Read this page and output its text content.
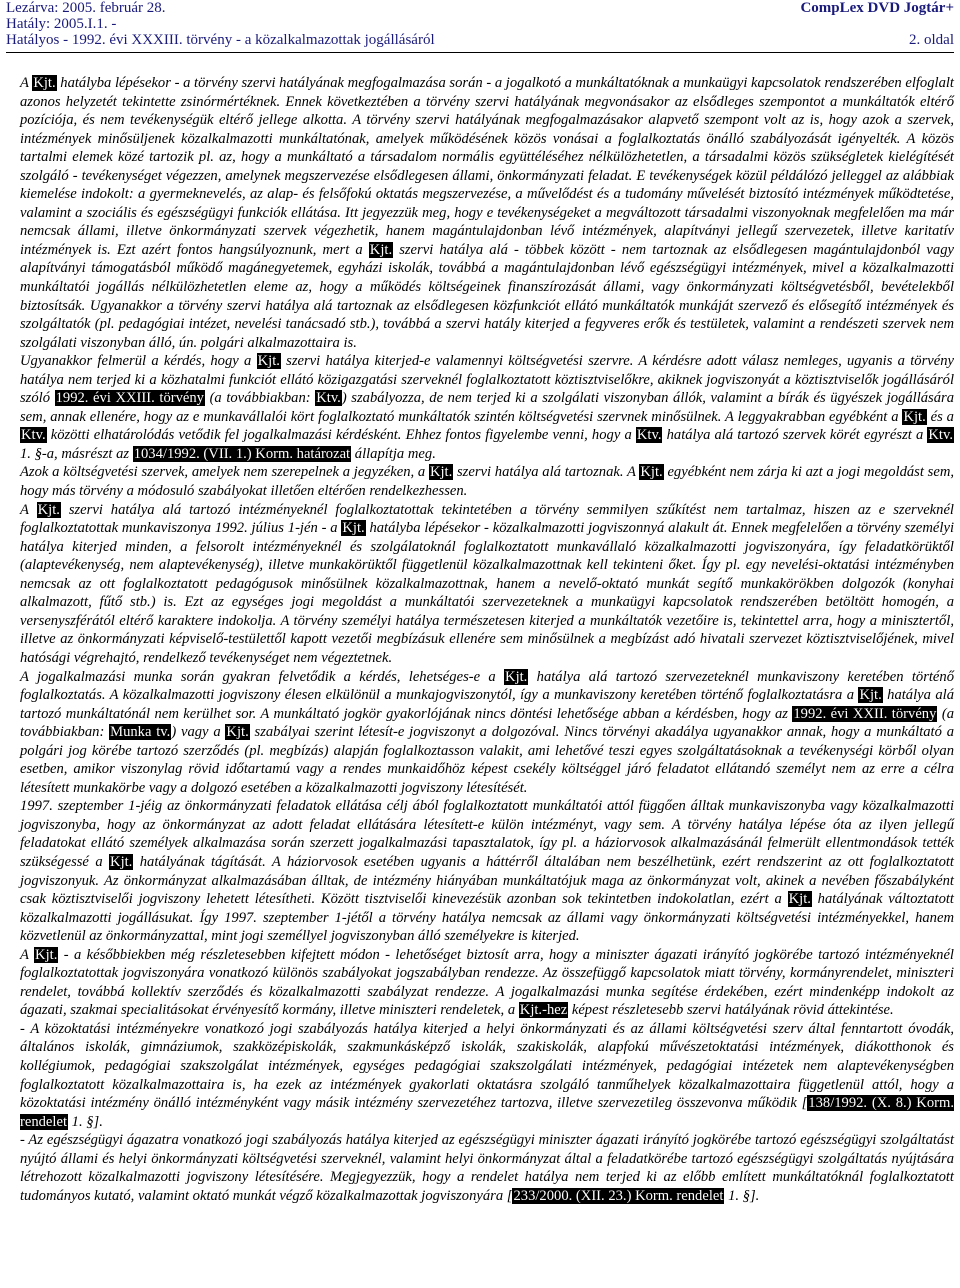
Lezárva: 2005. február 28.	CompLex DVD Jogtár+
Hatály: 2005.I.1. -
Hatályos - 1992. évi XXXIII. törvény - a közalkalmazottak jogállásáról	2. oldal

A Kjt. hatályba lépésekor - a törvény szervi hatályának megfogalmazása során - a jogalkotó a munkáltatóknak a munkaügyi kapcsolatok rendszerében elfoglalt azonos helyzetét tekintette zsinórmértéknek. Ennek következtében a törvény szervi hatályának megvonásakor az elsődleges szempontot a munkáltatók eltérő pozíciója, és nem tevékenységük eltérő jellege alkotta. A törvény szervi hatályának megfogalmazásakor alapvető szempont volt az is, hogy azok a szervek, intézmények minősüljenek közalkalmazotti munkáltatónak, amelyek működésének közös vonásai a foglalkoztatás önálló szabályozását igényelték. A közös tartalmi elemek közé tartozik pl. az, hogy a munkáltató a társadalom normális együttéléséhez nélkülözhetetlen, a társadalmi közös szükségletek kielégítését szolgáló - tevékenységet végezzen, amelynek megszervezése elsődlegesen állami, önkormányzati feladat. E tevékenységek közül példálózó jelleggel az alábbiak kiemelése indokolt: a gyermeknevelés, az alap- és felsőfokú oktatás megszervezése, a művelődést és a tudomány művelését biztosító intézmények működtetése, valamint a szociális és egészségügyi funkciók ellátása. Itt jegyezzük meg, hogy e tevékenységeket a megváltozott társadalmi viszonyoknak megfelelően ma már nemcsak állami, illetve önkormányzati szervek végezhetik, hanem magántulajdonban lévő intézmények, alapítványi jellegű szervezetek, illetve karitatív intézmények is. Ezt azért fontos hangsúlyoznunk, mert a Kjt. szervi hatálya alá - többek között - nem tartoznak az elsődlegesen magántulajdonból vagy alapítványi támogatásból működő magánegyetemek, egyházi iskolák, továbbá a magántulajdonban lévő egészségügyi intézmények, mivel a közalkalmazotti munkáltatói jogállás nélkülözhetetlen eleme az, hogy a működés költségeinek finanszírozását állami, vagy önkormányzati költségvetésből, bevételekből biztosítsák. Ugyanakkor a törvény szervi hatálya alá tartoznak az elsődlegesen közfunkciót ellátó munkáltatók munkáját szervező és elősegítő intézmények és szolgáltatók (pl. pedagógiai intézet, nevelési tanácsadó stb.), továbbá a szervi hatály kiterjed a fegyveres erők és testületek, valamint a rendészeti szervek nem szolgálati viszonyban álló, ún. polgári alkalmazottaira is.

Ugyanakkor felmerül a kérdés, hogy a Kjt. szervi hatálya kiterjed-e valamennyi költségvetési szervre. A kérdésre adott válasz nemleges, ugyanis a törvény hatálya nem terjed ki a közhatalmi funkciót ellátó közigazgatási szerveknél foglalkoztatott köztisztviselőkre, akiknek jogviszonyát a köztisztviselők jogállásáról szóló 1992. évi XXIII. törvény (a továbbiakban: Ktv.) szabályozza, de nem terjed ki a szolgálati viszonyban állók, valamint a bírák és ügyészek jogállására sem, annak ellenére, hogy az e munkavállalói kört foglalkoztató munkáltatók szintén költségvetési szervnek minősülnek. A leggyakrabban egyébként a Kjt. és a Ktv. közötti elhatárolódás vetődik fel jogalkalmazási kérdésként. Ehhez fontos figyelembe venni, hogy a Ktv. hatálya alá tartozó szervek körét egyrészt a Ktv. 1. §-a, másrészt az 1034/1992. (VII. 1.) Korm. határozat állapítja meg.

Azok a költségvetési szervek, amelyek nem szerepelnek a jegyzéken, a Kjt. szervi hatálya alá tartoznak. A Kjt. egyébként nem zárja ki azt a jogi megoldást sem, hogy más törvény a módosuló szabályokat illetően eltérően rendelkezhessen.

A Kjt. szervi hatálya alá tartozó intézményeknél foglalkoztatottak tekintetében a törvény semmilyen szűkítést nem tartalmaz, hiszen az e szerveknél foglalkoztatottak munkaviszonya 1992. július 1-jén - a Kjt. hatályba lépésekor - közalkalmazotti jogviszonnyá alakult át. Ennek megfelelően a törvény személyi hatálya kiterjed minden, a felsorolt intézményeknél és szolgálatoknál foglalkoztatott munkavállaló közalkalmazotti jogviszonyára, így feladatkörüktől (alaptevékenység, nem alaptevékenység), illetve munkakörüktől függetlenül közalkalmazottnak kell tekinteni őket. Így pl. egy nevelési-oktatási intézményben nemcsak az ott foglalkoztatott pedagógusok minősülnek közalkalmazottnak, hanem a nevelő-oktató munkát segítő munkakörökben dolgozók (konyhai alkalmazott, fűtő stb.) is. Ezt az egységes jogi megoldást a munkáltatói szervezeteknek a munkaügyi kapcsolatok rendszerében betöltött homogén, a versenyszférától eltérő karaktere indokolja. A törvény személyi hatálya természetesen kiterjed a munkáltatók vezetőire is, tekintettel arra, hogy a minisztertől, illetve az önkormányzati képviselő-testülettől kapott vezetői megbízásuk ellenére sem minősülnek a megbízást adó hivatali szervezet köztisztviselőjének, mivel hatósági végrehajtó, rendelkező tevékenységet nem végeztetnek.

A jogalkalmazási munka során gyakran felvetődik a kérdés, lehetséges-e a Kjt. hatálya alá tartozó szervezeteknél munkaviszony keretében történő foglalkoztatás. A közalkalmazotti jogviszony élesen elkülönül a munkajogviszonytól, így a munkaviszony keretében történő foglalkoztatásra a Kjt. hatálya alá tartozó munkáltatónál nem kerülhet sor. A munkáltató jogkör gyakorlójának nincs döntési lehetősége abban a kérdésben, hogy az 1992. évi XXII. törvény (a továbbiakban: Munka tv.) vagy a Kjt. szabályai szerint létesít-e jogviszonyt a dolgozóval. Nincs törvényi akadálya ugyanakkor annak, hogy a munkáltató a polgári jog körébe tartozó szerződés (pl. megbízás) alapján foglalkoztasson valakit, ami lehetővé teszi egyes szolgáltatásoknak a tevékenységi körből olyan esetben, amikor viszonylag rövid időtartamú vagy a rendes munkaidőhöz képest csekély költséggel járó feladatot ellátandó személyt nem az erre a célra létesített munkakörbe vagy a dolgozó esetében a közalkalmazotti jogviszony létesítését.

1997. szeptember 1-jéig az önkormányzati feladatok ellátása célj ából foglalkoztatott munkáltatói attól függően álltak munkaviszonyba vagy közalkalmazotti jogviszonyba, hogy az önkormányzat az adott feladat ellátására létesített-e külön intézményt, vagy sem. A törvény hatálya lépése óta az ilyen jellegű feladatokat ellátó személyek alkalmazása során szerzett jogalkalmazási tapasztalatok, így pl. a háziorvosok alkalmazásánál felmerült ellentmondások tették szükségessé a Kjt. hatályának tágítását. A háziorvosok esetében ugyanis a háttérről általában nem beszélhetünk, ezért rendszerint az ott foglalkoztatott jogviszonyuk. Az önkormányzat alkalmazásában álltak, de intézmény hiányában munkáltatójuk maga az önkormányzat volt, akinek a nevében főszabályként csak köztisztviselői jogviszony lehetett létesítheti. Között tisztviselői kinevezésük azonban sok tekintetben indokolatlan, ezért a Kjt. hatályának változtatott közalkalmazotti jogállásukat. Így 1997. szeptember 1-jétől a törvény hatálya nemcsak az állami vagy önkormányzati költségvetési intézményekkel, hanem közvetlenül az önkormányzattal, mint jogi személlyel jogviszonyban álló személyekre is kiterjed.

A Kjt. - a későbbiekben még részletesebben kifejtett módon - lehetőséget biztosít arra, hogy a miniszter ágazati irányító jogkörébe tartozó intézményeknél foglalkoztatottak jogviszonyára vonatkozó különös szabályokat jogszabályban rendezze. Az összefüggő kapcsolatok miatt törvény, kormányrendelet, miniszteri rendelet, továbbá kollektív szerződés és közalkalmazotti szabályzat rendezze. A jogalkalmazási munka segítése érdekében, ezért mindenképp indokolt az ágazati, szakmai specialitásokat érvényesítő kormány, illetve miniszteri rendeletek, a Kjt.-hez képest részletesebb szervi hatályának rövid áttekintése.

- A közoktatási intézményekre vonatkozó jogi szabályozás hatálya kiterjed a helyi önkormányzati és az állami költségvetési szerv által fenntartott óvodák, általános iskolák, gimnáziumok, szakközépiskolák, szakmunkásképző iskolák, szakiskolák, alapfokú művészetoktatási intézmények, diákotthonok és kollégiumok, pedagógiai szakszolgálat intézmények, egységes pedagógiai szakszolgálati intézmények, pedagógiai intézetek nem alaptevékenységben foglalkoztatott közalkalmazottaira is, ha ezek az intézmények gyakorlati oktatásra szolgáló tanműhelyek közalkalmazottaira függetlenül attól, hogy a közoktatási intézmény önálló intézményként vagy másik intézmény szervezetéhez tartozva, illetve szervezetileg összevonva működik [138/1992. (X. 8.) Korm. rendelet 1. §].

- Az egészségügyi ágazatra vonatkozó jogi szabályozás hatálya kiterjed az egészségügyi miniszter ágazati irányító jogkörébe tartozó egészségügyi szolgáltatást nyújtó állami és helyi önkormányzati költségvetési szerveknél, valamint helyi önkormányzat által a feladatkörébe tartozó egészségügyi szolgáltatás nyújtására létrehozott közalkalmazotti jogviszony létesítésére. Megjegyezzük, hogy a rendelet hatálya nem terjed ki az előbb említett munkáltatóknál foglalkoztatott tudományos kutató, valamint oktató munkát végző közalkalmazottak jogviszonyára [233/2000. (XII. 23.) Korm. rendelet 1. §].
